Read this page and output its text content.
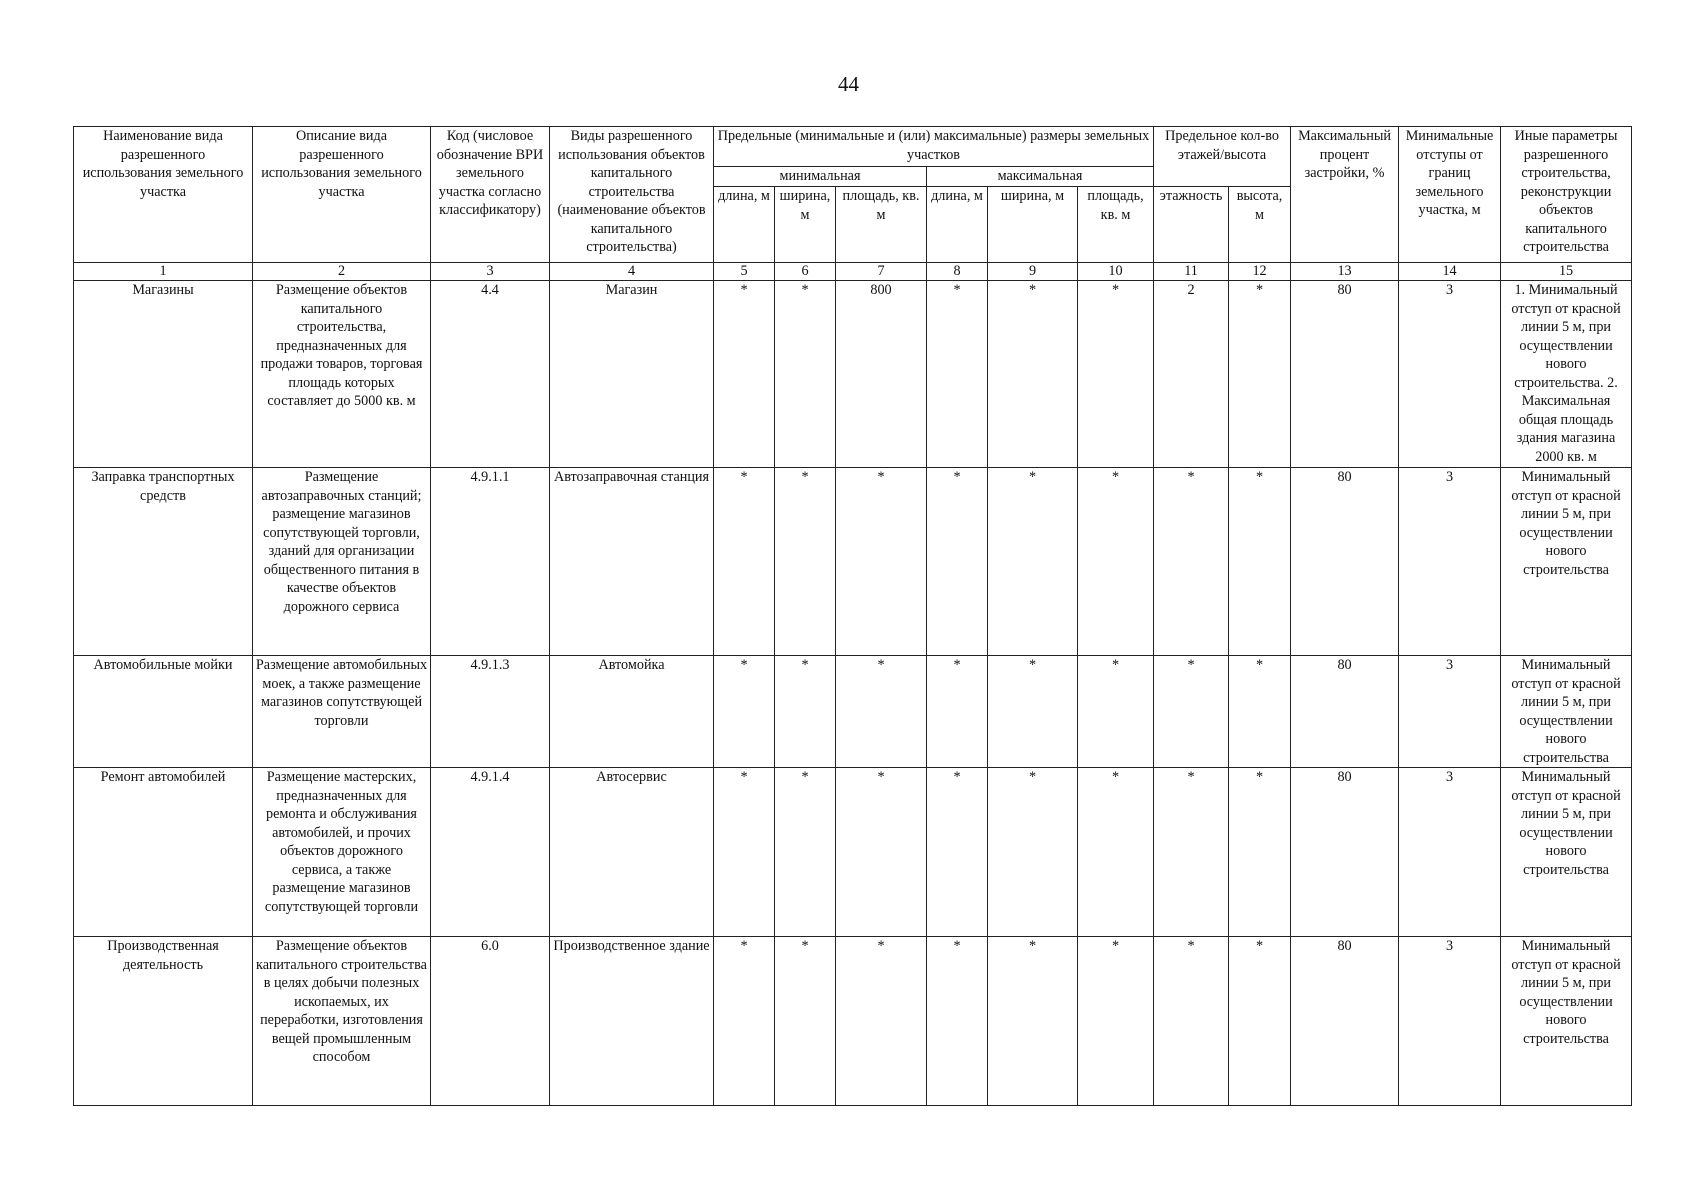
44
Наименование вида разрешенного использования земельного участка	Описание вида разрешенного использования земельного участка	Код (числовое обозначение ВРИ земельного участка согласно классификатору)	Виды разрешенного использования объектов капитального строительства (наименование объектов капитального строительства)	Предельные (минимальные и (или) максимальные) размеры земельных участков						Предельное кол-во этажей/высота		Максимальный процент застройки, %	Минимальные отступы от границ земельного участка, м	Иные параметры разрешенного строительства, реконструкции объектов капитального строительства
				минимальная			максимальная							
				длина, м	ширина, м	площадь, кв. м	длина, м	ширина, м	площадь, кв. м	этажность	высота, м			
1	2	3	4	5	6	7	8	9	10	11	12	13	14	15
Магазины	Размещение объектов капитального строительства, предназначенных для продажи товаров, торговая площадь которых составляет до 5000 кв. м	4.4	Магазин	*	*	800	*	*	*	2	*	80	3	1. Минимальный отступ от красной линии 5 м, при осуществлении нового строительства. 2. Максимальная общая площадь здания магазина 2000 кв. м
Заправка транспортных средств	Размещение автозаправочных станций; размещение магазинов сопутствующей торговли, зданий для организации общественного питания в качестве объектов дорожного сервиса	4.9.1.1	Автозаправочная станция	*	*	*	*	*	*	*	*	80	3	Минимальный отступ от красной линии 5 м, при осуществлении нового строительства
Автомобильные мойки	Размещение автомобильных моек, а также размещение магазинов сопутствующей торговли	4.9.1.3	Автомойка	*	*	*	*	*	*	*	*	80	3	Минимальный отступ от красной линии 5 м, при осуществлении нового строительства
Ремонт автомобилей	Размещение мастерских, предназначенных для ремонта и обслуживания автомобилей, и прочих объектов дорожного сервиса, а также размещение магазинов сопутствующей торговли	4.9.1.4	Автосервис	*	*	*	*	*	*	*	*	80	3	Минимальный отступ от красной линии 5 м, при осуществлении нового строительства
Производственная деятельность	Размещение объектов капитального строительства в целях добычи полезных ископаемых, их переработки, изготовления вещей промышленным способом	6.0	Производственное здание	*	*	*	*	*	*	*	*	80	3	Минимальный отступ от красной линии 5 м, при осуществлении нового строительства
